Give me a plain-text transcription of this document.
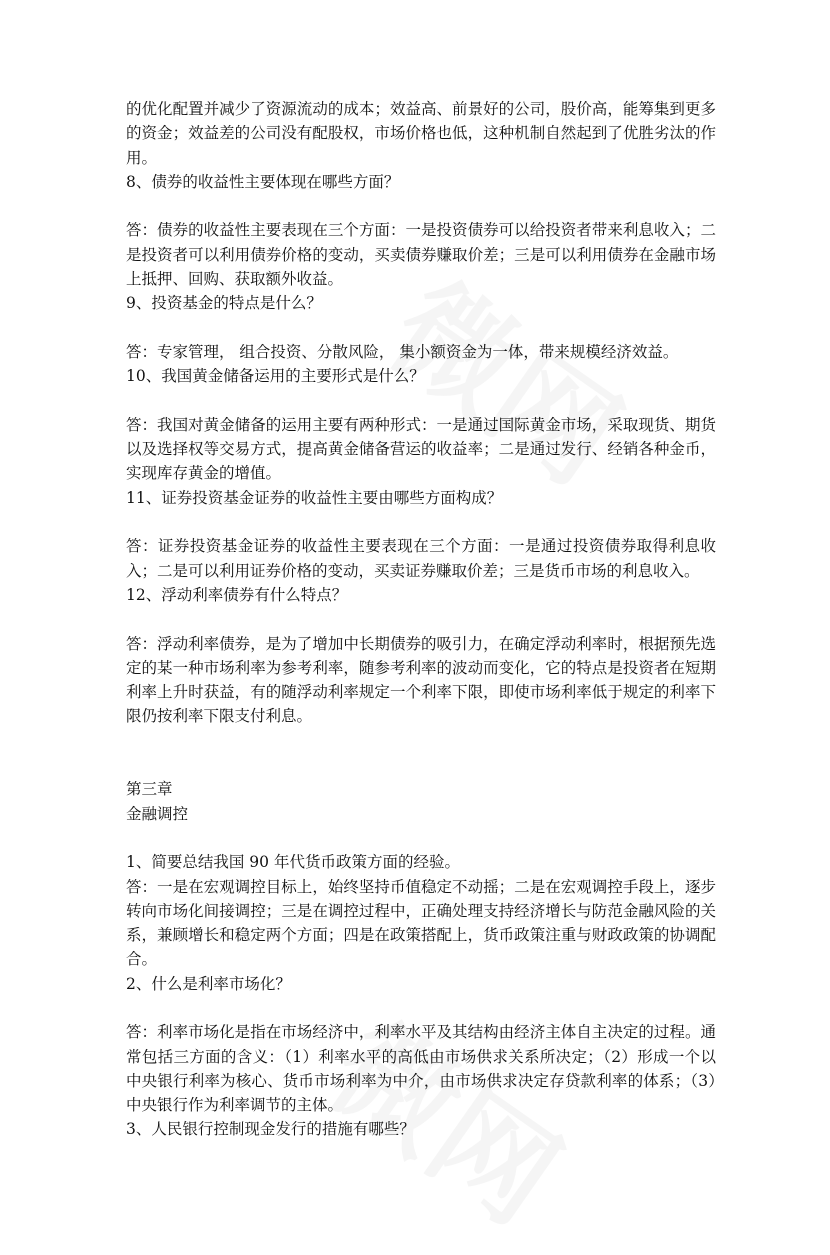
的优化配置并减少了资源流动的成本；效益高、前景好的公司，股价高，能筹集到更多的资金；效益差的公司没有配股权，市场价格也低，这种机制自然起到了优胜劣汰的作用。
8、债券的收益性主要体现在哪些方面？
答：债券的收益性主要表现在三个方面：一是投资债券可以给投资者带来利息收入；二是投资者可以利用债券价格的变动，买卖债券赚取价差；三是可以利用债券在金融市场上抵押、回购、获取额外收益。
9、投资基金的特点是什么？
答：专家管理， 组合投资、分散风险， 集小额资金为一体，带来规模经济效益。
10、我国黄金储备运用的主要形式是什么？
答：我国对黄金储备的运用主要有两种形式：一是通过国际黄金市场，采取现货、期货以及选择权等交易方式，提高黄金储备营运的收益率；二是通过发行、经销各种金币，实现库存黄金的增值。
11、证券投资基金证券的收益性主要由哪些方面构成？
答：证券投资基金证券的收益性主要表现在三个方面：一是通过投资债券取得利息收入；二是可以利用证券价格的变动，买卖证券赚取价差；三是货币市场的利息收入。
12、浮动利率债券有什么特点？
答：浮动利率债券，是为了增加中长期债券的吸引力，在确定浮动利率时，根据预先选定的某一种市场利率为参考利率，随参考利率的波动而变化，它的特点是投资者在短期利率上升时获益，有的随浮动利率规定一个利率下限，即使市场利率低于规定的利率下限仍按利率下限支付利息。
第三章
金融调控
1、简要总结我国 90 年代货币政策方面的经验。
答：一是在宏观调控目标上，始终坚持币值稳定不动摇；二是在宏观调控手段上，逐步转向市场化间接调控；三是在调控过程中，正确处理支持经济增长与防范金融风险的关系，兼顾增长和稳定两个方面；四是在政策搭配上，货币政策注重与财政政策的协调配合。
2、什么是利率市场化？
答：利率市场化是指在市场经济中，利率水平及其结构由经济主体自主决定的过程。通常包括三方面的含义：（1）利率水平的高低由市场供求关系所决定；（2）形成一个以中央银行利率为核心、货币市场利率为中介，由市场供求决定存贷款利率的体系；（3）中央银行作为利率调节的主体。
3、人民银行控制现金发行的措施有哪些？
